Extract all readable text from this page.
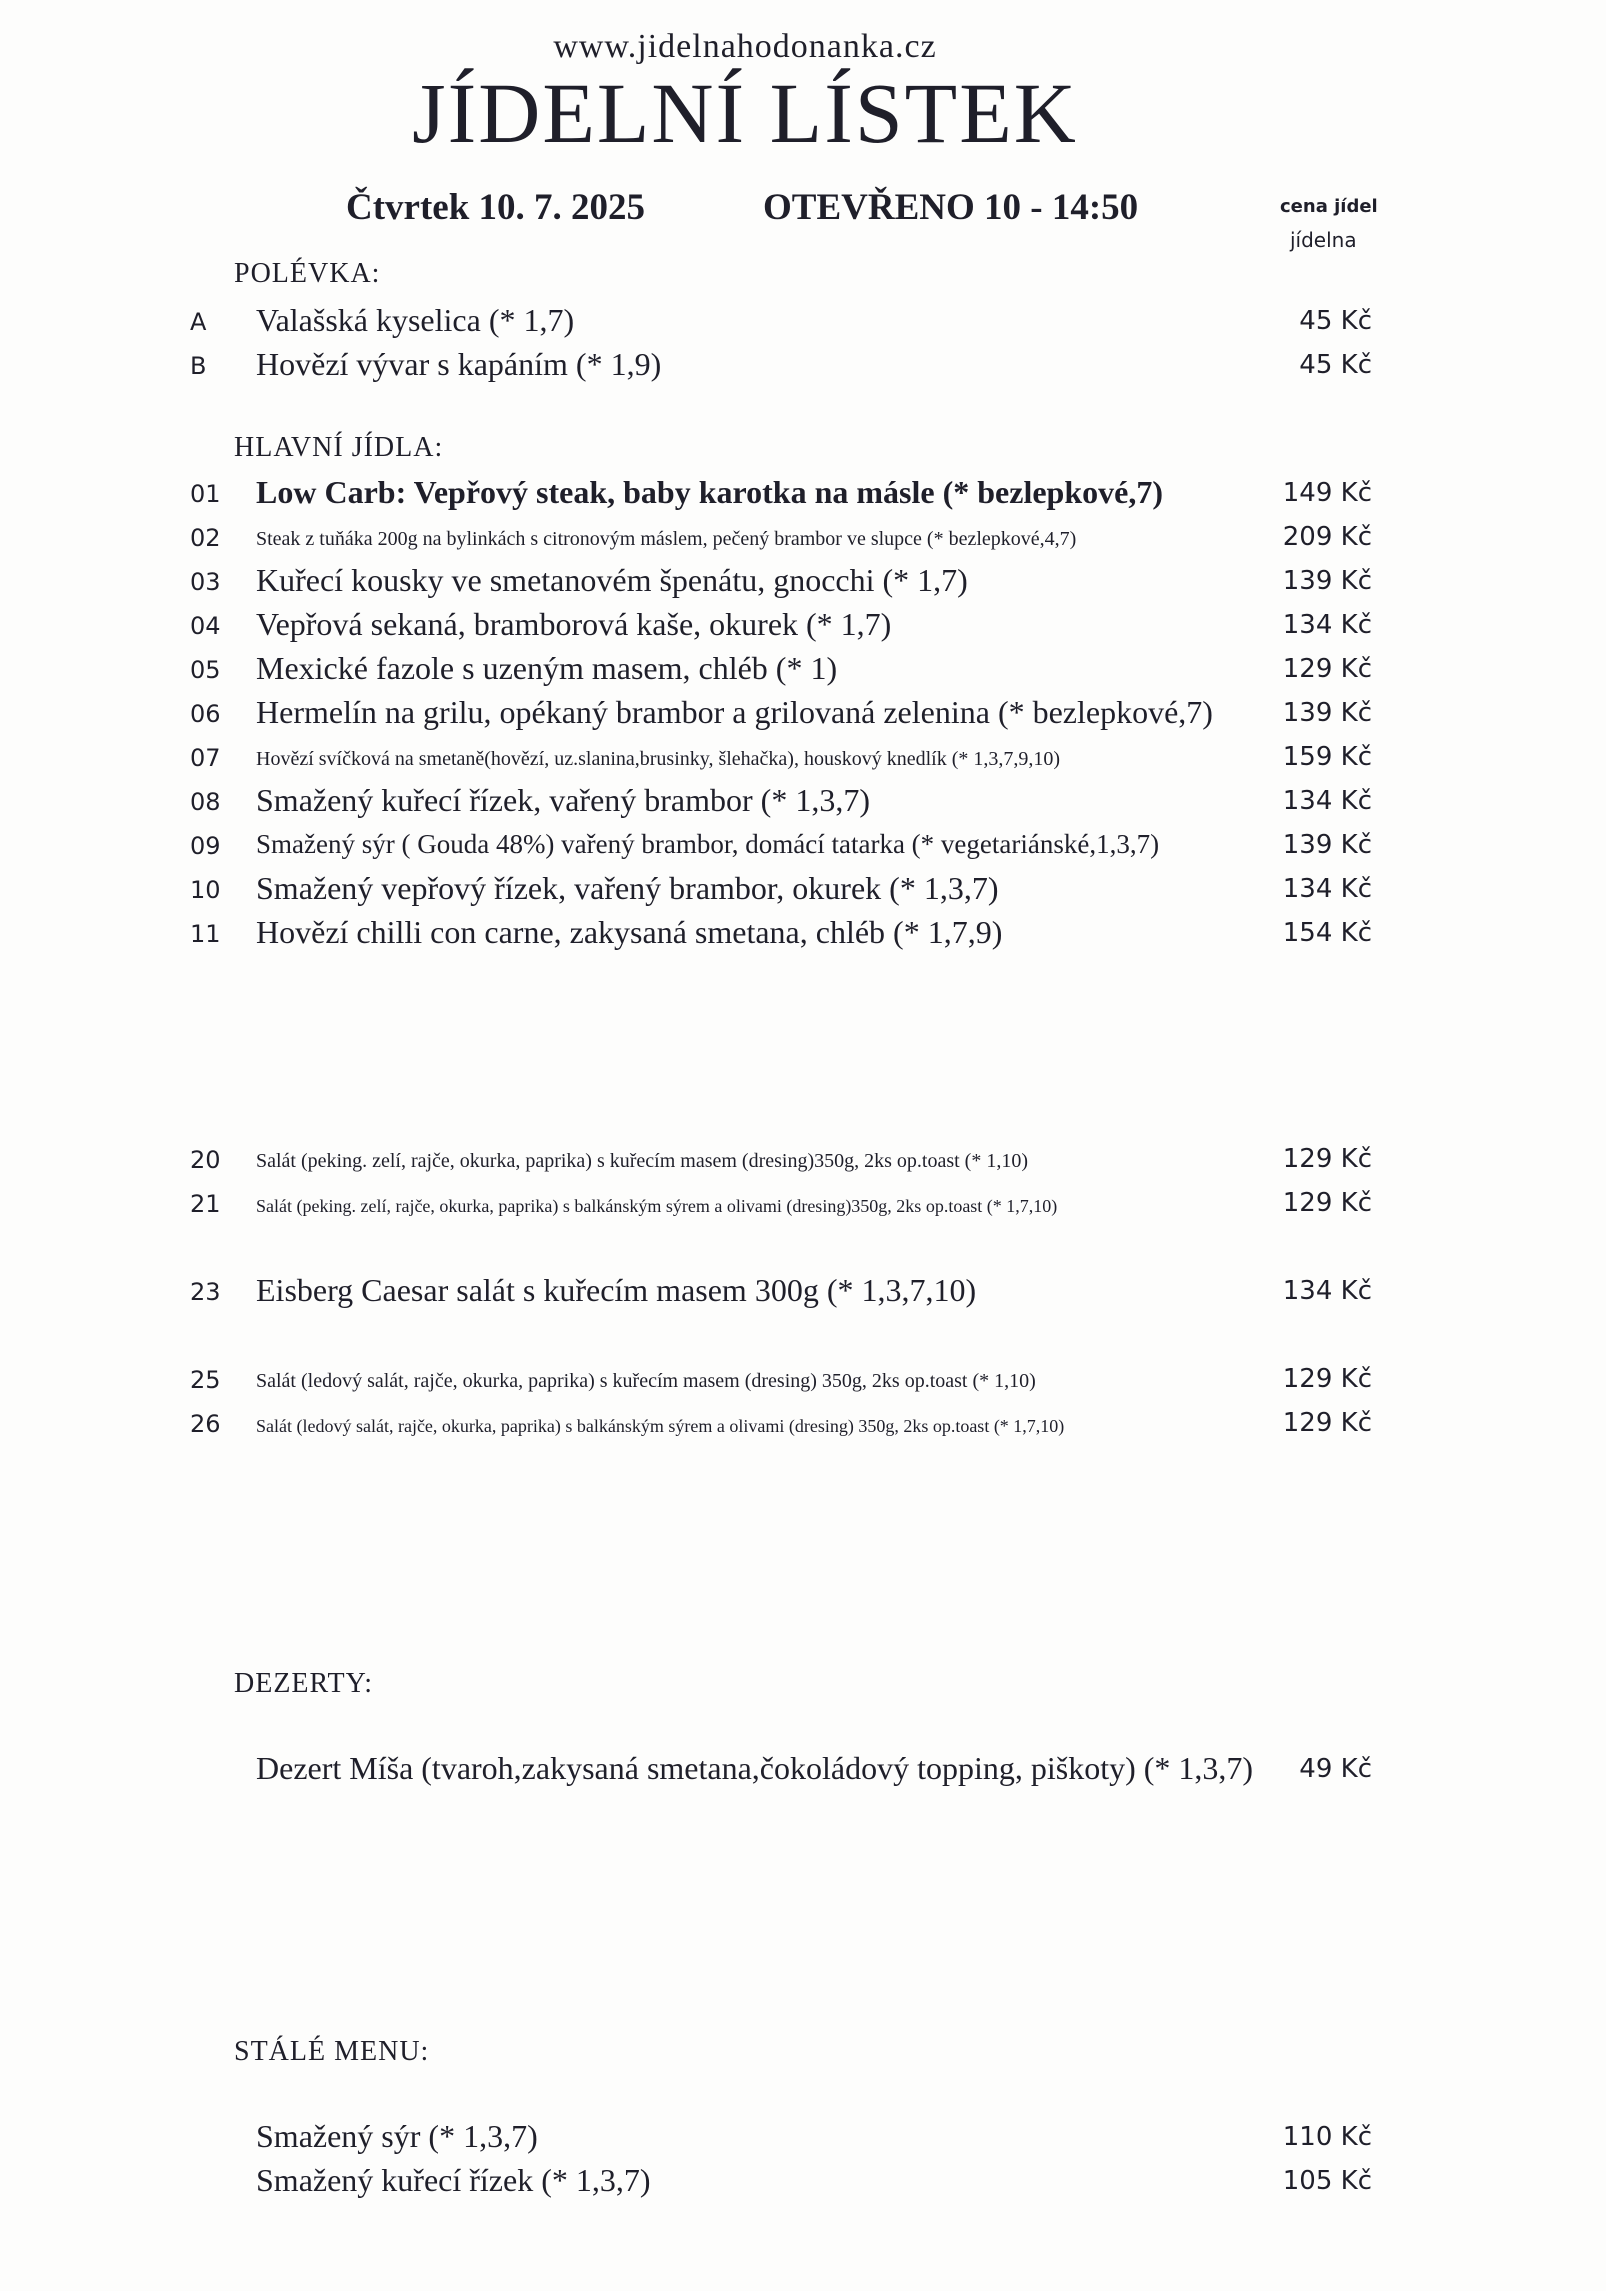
www.jidelnahodonanka.cz
JÍDELNÍ LÍSTEK
Čtvrtek 10. 7. 2025	OTEVŘENO 10 - 14:50	cena jídel
jídelna
POLÉVKA:
A Valašská kyselica (* 1,7)	45 Kč
B Hovězí vývar s kapáním (* 1,9)	45 Kč
HLAVNÍ JÍDLA:
01 Low Carb: Vepřový steak, baby karotka na másle (* bezlepkové,7)	149 Kč
02 Steak z tuňáka 200g na bylinkách s citronovým máslem, pečený brambor ve slupce (* bezlepkové,4,7)	209 Kč
03 Kuřecí kousky ve smetanovém špenátu, gnocchi (* 1,7)	139 Kč
04 Vepřová sekaná, bramborová kaše, okurek (* 1,7)	134 Kč
05 Mexické fazole s uzeným masem, chléb (* 1)	129 Kč
06 Hermelín na grilu, opékaný brambor a grilovaná zelenina (* bezlepkové,7)	139 Kč
07 Hovězí svíčková na smetaně(hovězí, uz.slanina,brusinky, šlehačka), houskový knedlík (* 1,3,7,9,10)	159 Kč
08 Smažený kuřecí řízek, vařený brambor (* 1,3,7)	134 Kč
09 Smažený sýr ( Gouda 48%) vařený brambor, domácí tatarka (* vegetariánské,1,3,7)	139 Kč
10 Smažený vepřový řízek, vařený brambor, okurek (* 1,3,7)	134 Kč
11 Hovězí chilli con carne, zakysaná smetana, chléb (* 1,7,9)	154 Kč
20 Salát (peking. zelí, rajče, okurka, paprika) s kuřecím masem (dresing)350g, 2ks op.toast (* 1,10)	129 Kč
21 Salát (peking. zelí, rajče, okurka, paprika) s balkánským sýrem a olivami (dresing)350g, 2ks op.toast (* 1,7,10)	129 Kč
23 Eisberg Caesar salát s kuřecím masem 300g (* 1,3,7,10)	134 Kč
25 Salát (ledový salát, rajče, okurka, paprika) s kuřecím masem (dresing) 350g, 2ks op.toast (* 1,10)	129 Kč
26 Salát (ledový salát, rajče, okurka, paprika) s balkánským sýrem a olivami (dresing) 350g, 2ks op.toast (* 1,7,10)	129 Kč
DEZERTY:
Dezert Míša (tvaroh,zakysaná smetana,čokoládový topping, piškoty) (* 1,3,7) 49 Kč
STÁLÉ MENU:
Smažený sýr (* 1,3,7)	110 Kč
Smažený kuřecí řízek (* 1,3,7)	105 Kč
